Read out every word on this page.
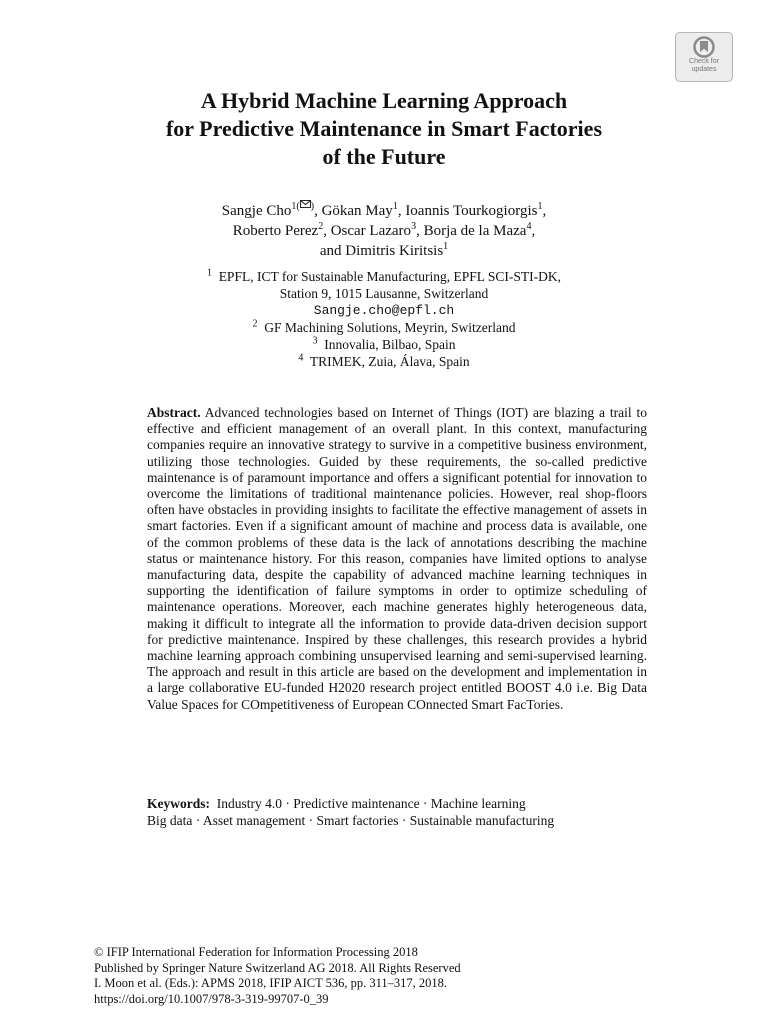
Check for
updates
A Hybrid Machine Learning Approach
for Predictive Maintenance in Smart Factories
of the Future
Sangje Cho$^{1( )}$, Gökan May$^1$, Ioannis Tourkogiorgis$^1$,
Roberto Perez$^2$, Oscar Lazaro$^3$, Borja de la Maza$^4$,
and Dimitris Kiritsis$^1$
$^1$ EPFL, ICT for Sustainable Manufacturing, EPFL SCI-STI-DK,
Station 9, 1015 Lausanne, Switzerland
Sangje.cho@epfl.ch
$^2$ GF Machining Solutions, Meyrin, Switzerland
$^3$ Innovalia, Bilbao, Spain
$^4$ TRIMEK, Zuia, Álava, Spain

Abstract. Advanced technologies based on Internet of Things (IOT) are blazing a trail to effective and efficient management of an overall plant. In this context, manufacturing companies require an innovative strategy to survive in a competitive business environment, utilizing those technologies. Guided by these requirements, the so-called predictive maintenance is of paramount importance and offers a significant potential for innovation to overcome the limitations of traditional maintenance policies. However, real shop-floors often have obstacles in providing insights to facilitate the effective management of assets in smart factories. Even if a significant amount of machine and process data is available, one of the common problems of these data is the lack of annotations describing the machine status or maintenance history. For this reason, companies have limited options to analyse manufacturing data, despite the capability of advanced machine learning techniques in supporting the identification of failure symptoms in order to optimize scheduling of maintenance operations. Moreover, each machine generates highly heterogeneous data, making it difficult to integrate all the information to provide data-driven decision support for predictive maintenance. Inspired by these challenges, this research provides a hybrid machine learning approach combining unsupervised learning and semi-supervised learning. The approach and result in this article are based on the development and implementation in a large collaborative EU-funded H2020 research project entitled BOOST 4.0 i.e. Big Data Value Spaces for COmpetitiveness of European COnnected Smart FacTories.

Keywords: Industry 4.0 · Predictive maintenance · Machine learning
Big data · Asset management · Smart factories · Sustainable manufacturing
© IFIP International Federation for Information Processing 2018
Published by Springer Nature Switzerland AG 2018. All Rights Reserved
I. Moon et al. (Eds.): APMS 2018, IFIP AICT 536, pp. 311–317, 2018.
https://doi.org/10.1007/978-3-319-99707-0_39
